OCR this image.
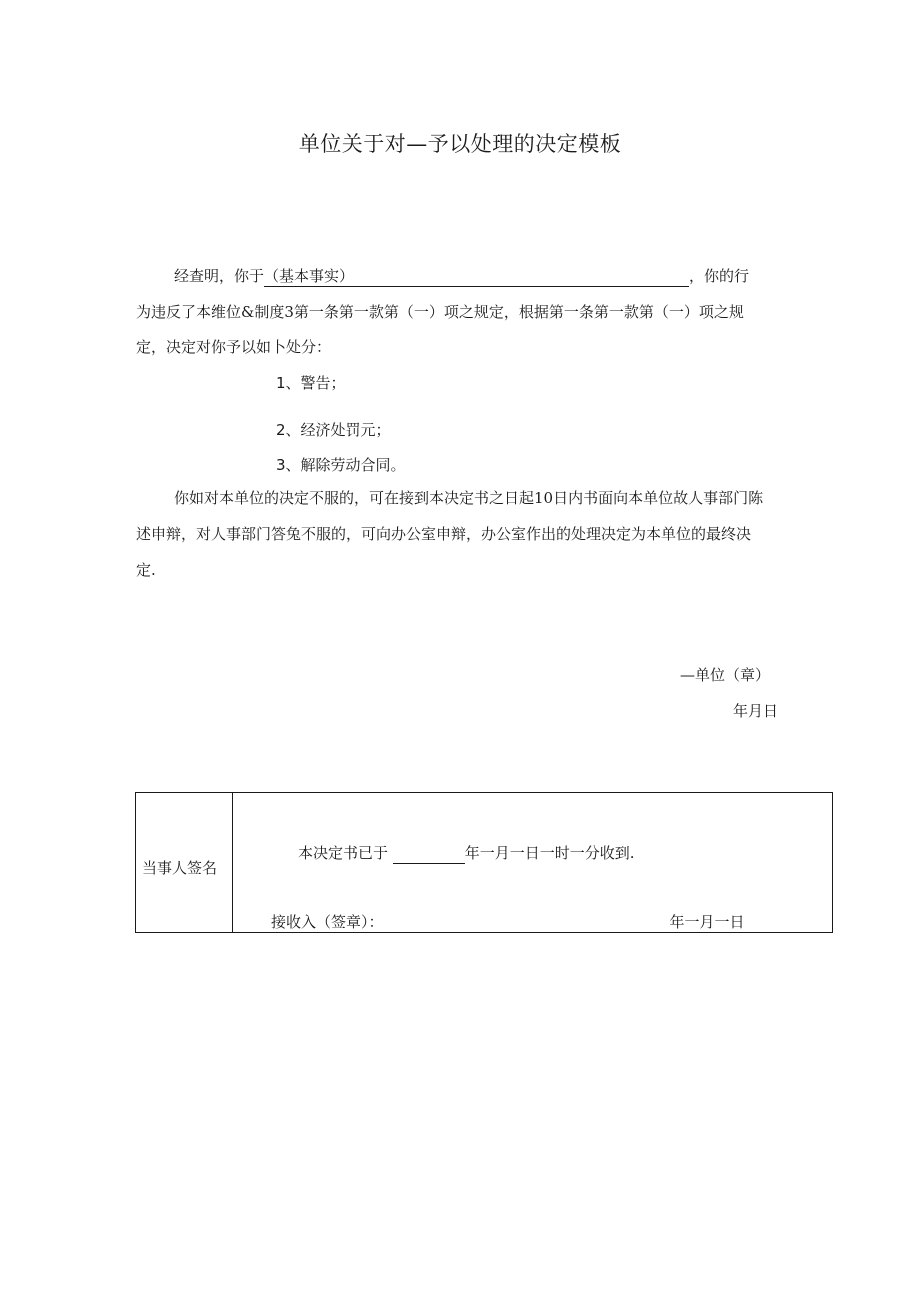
单位关于对—予以处理的决定模板
经查明，你于（基本事实）	，你的行
为违反了本维位&制度3第一条第一款第（一）项之规定，根据第一条第一款第（一）项之规
定，决定对你予以如卜处分：
1、警告；
2、经济处罚元；
3、解除劳动合同。
你如对本单位的决定不服的，可在接到本决定书之日起10日内书面向本单位故人事部门陈
述申辩，对人事部门答兔不服的，可向办公室申辩，办公室作出的处理决定为本单位的最终决
定.
—单位（章）
年月日
当事人签名
本决定书已于	年一月一日一时一分收到.
接收入（签章）：	年一月一日
